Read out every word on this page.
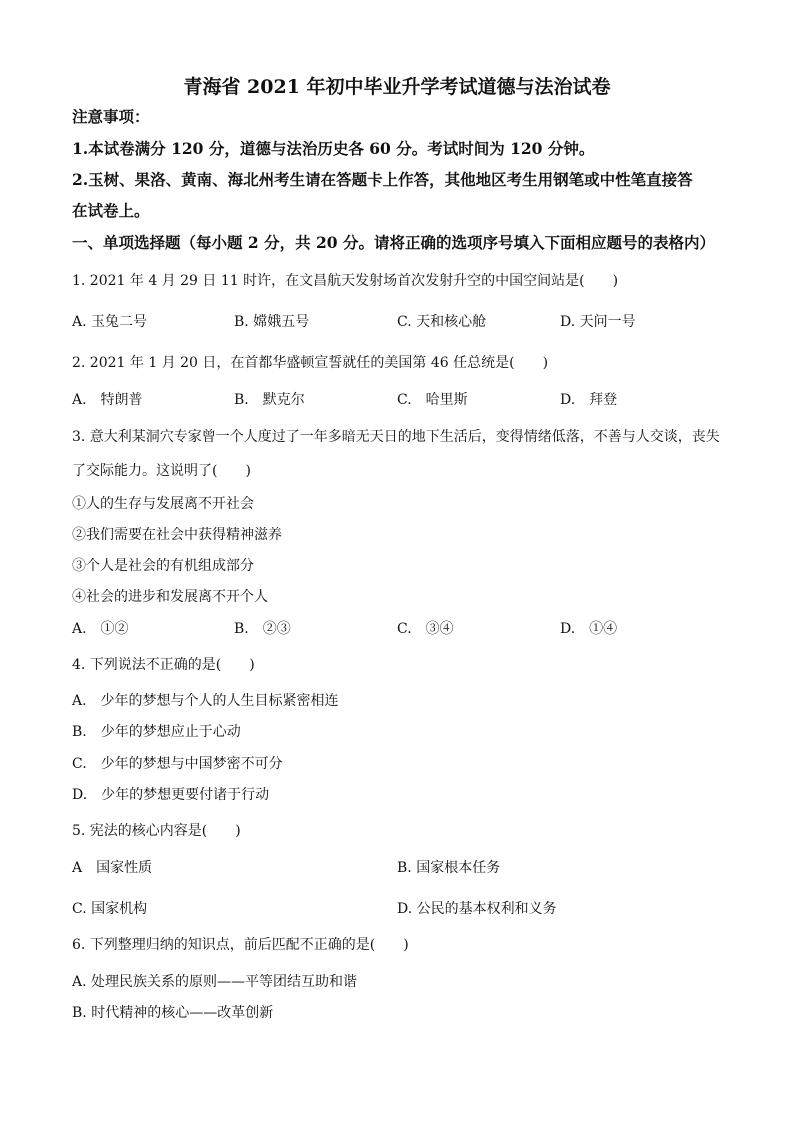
青海省 2021 年初中毕业升学考试道德与法治试卷
注意事项：
1.本试卷满分 120 分，道德与法治历史各 60 分。考试时间为 120 分钟。
2.玉树、果洛、黄南、海北州考生请在答题卡上作答，其他地区考生用钢笔或中性笔直接答
在试卷上。
一、单项选择题（每小题 2 分，共 20 分。请将正确的选项序号填入下面相应题号的表格内）
1. 2021 年 4 月 29 日 11 时许，在文昌航天发射场首次发射升空的中国空间站是(　　)
A. 玉兔二号	B. 嫦娥五号	C. 天和核心舱	D. 天问一号
2. 2021 年 1 月 20 日，在首都华盛顿宣誓就任的美国第 46 任总统是(　　)
A.　特朗普	B.　默克尔	C.　哈里斯	D.　拜登
3. 意大利某洞穴专家曾一个人度过了一年多暗无天日的地下生活后，变得情绪低落，不善与人交谈，丧失
了交际能力。这说明了(　　)
①人的生存与发展离不开社会
②我们需要在社会中获得精神滋养
③个人是社会的有机组成部分
④社会的进步和发展离不开个人
A.　①②	B.　②③	C.　③④	D.　①④
4. 下列说法不正确的是(　　)
A.　少年的梦想与个人的人生目标紧密相连
B.　少年的梦想应止于心动
C.　少年的梦想与中国梦密不可分
D.　少年的梦想更要付诸于行动
5. 宪法的核心内容是(　　)
A　国家性质	B. 国家根本任务
C. 国家机构	D. 公民的基本权利和义务
6. 下列整理归纳的知识点，前后匹配不正确的是(　　)
A. 处理民族关系的原则——平等团结互助和谐
B. 时代精神的核心——改革创新
